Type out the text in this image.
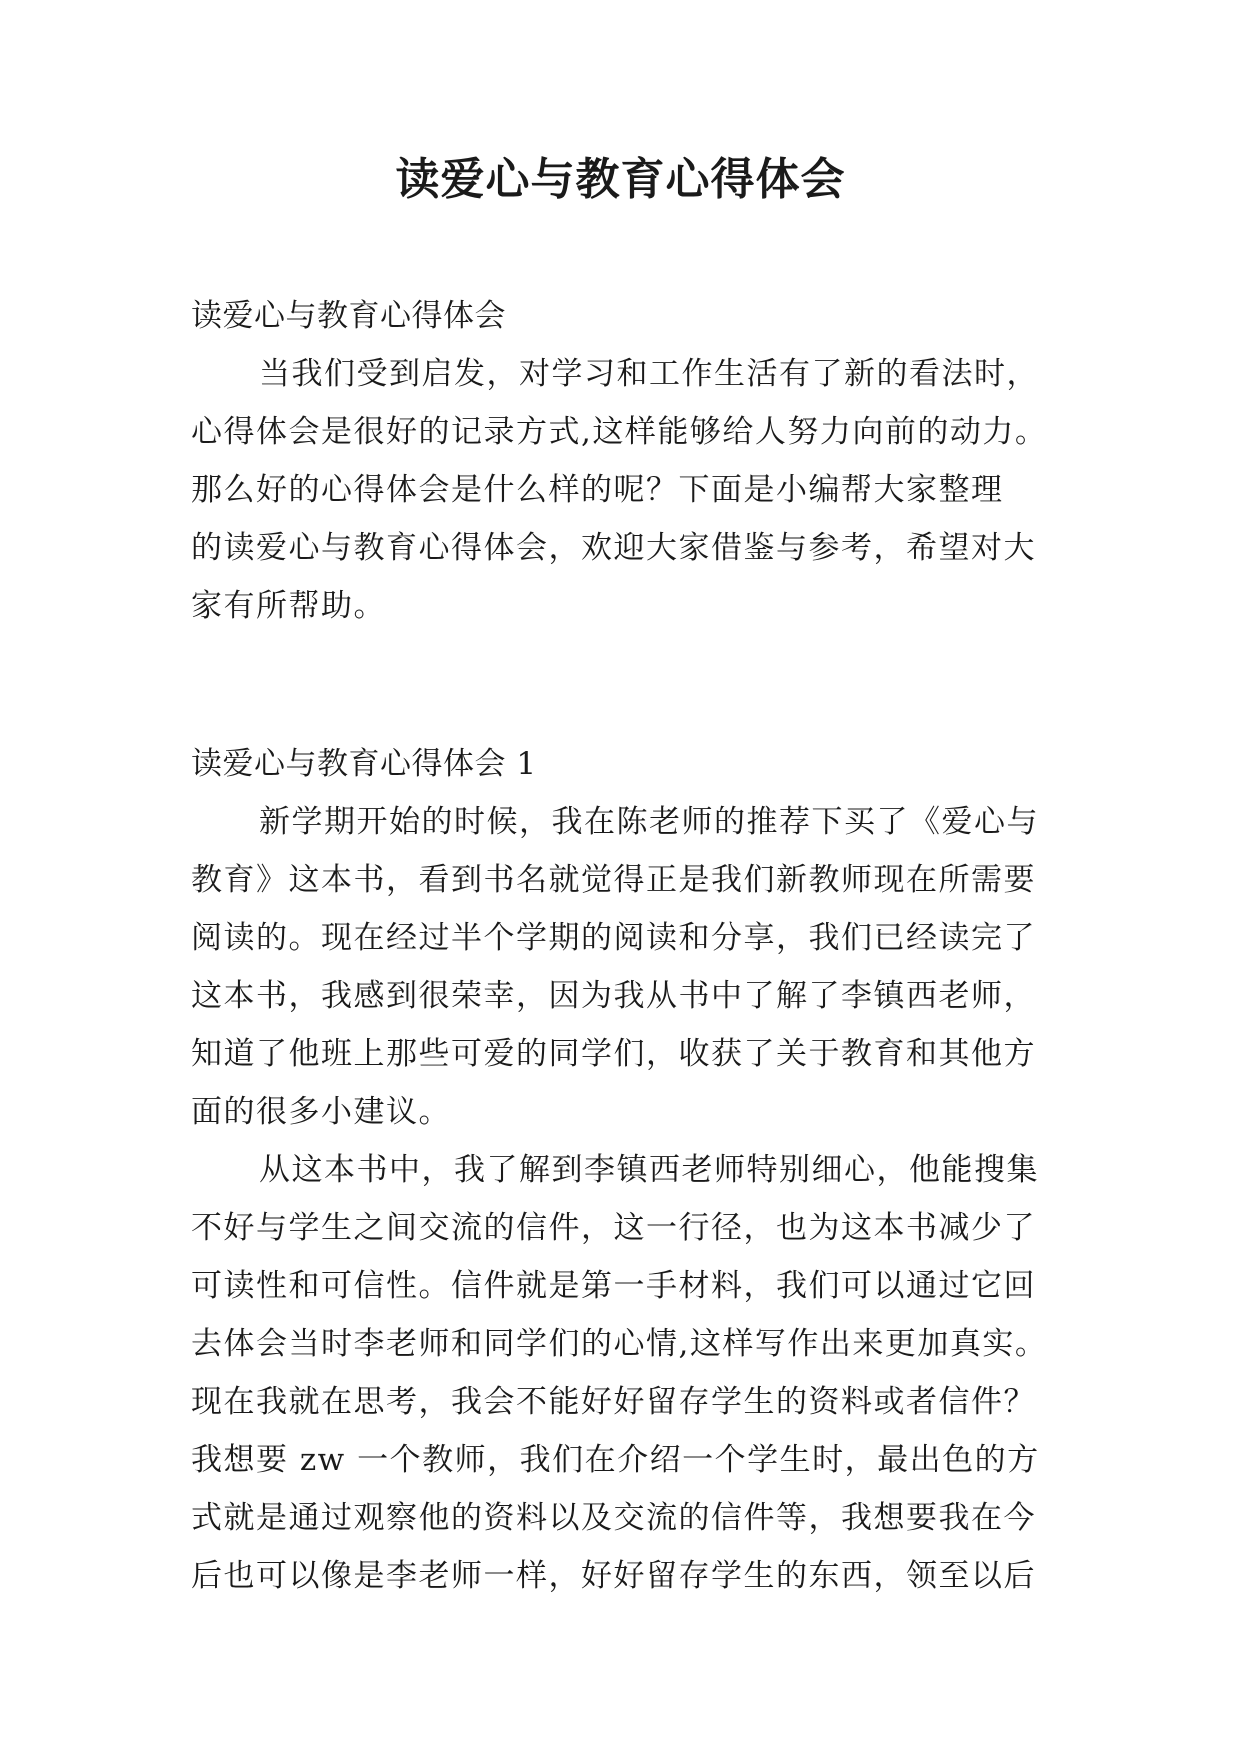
读爱心与教育心得体会
读爱心与教育心得体会
当我们受到启发，对学习和工作生活有了新的看法时，
心得体会是很好的记录方式,这样能够给人努力向前的动力。
那么好的心得体会是什么样的呢？下面是小编帮大家整理
的读爱心与教育心得体会，欢迎大家借鉴与参考，希望对大
家有所帮助。
读爱心与教育心得体会 1
新学期开始的时候，我在陈老师的推荐下买了《爱心与
教育》这本书，看到书名就觉得正是我们新教师现在所需要
阅读的。现在经过半个学期的阅读和分享，我们已经读完了
这本书，我感到很荣幸，因为我从书中了解了李镇西老师，
知道了他班上那些可爱的同学们，收获了关于教育和其他方
面的很多小建议。
从这本书中，我了解到李镇西老师特别细心，他能搜集
不好与学生之间交流的信件，这一行径，也为这本书减少了
可读性和可信性。信件就是第一手材料，我们可以通过它回
去体会当时李老师和同学们的心情,这样写作出来更加真实。
现在我就在思考，我会不能好好留存学生的资料或者信件？
我想要 zw 一个教师，我们在介绍一个学生时，最出色的方
式就是通过观察他的资料以及交流的信件等，我想要我在今
后也可以像是李老师一样，好好留存学生的东西，领至以后
